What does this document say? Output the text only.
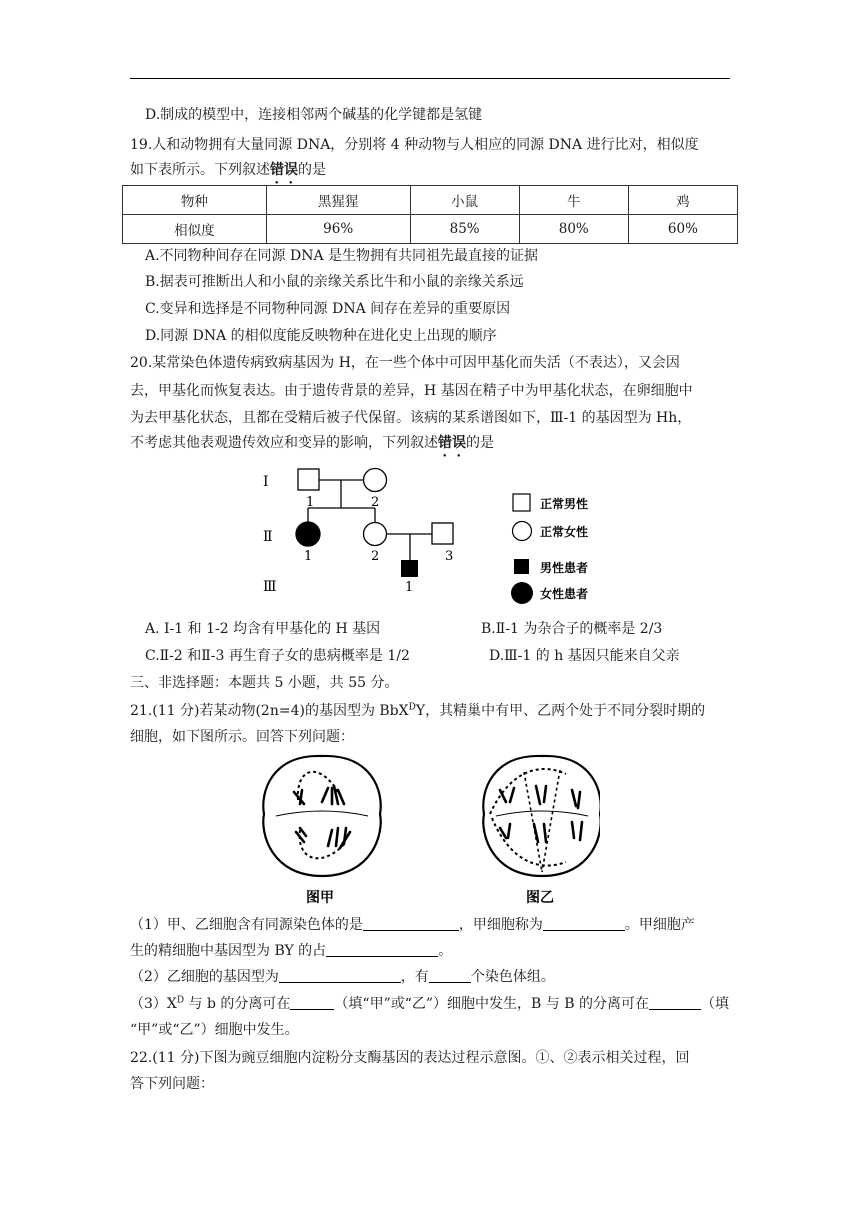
D.制成的模型中，连接相邻两个碱基的化学键都是氢键
19.人和动物拥有大量同源 DNA，分别将 4 种动物与人相应的同源 DNA 进行比对，相似度
如下表所示。下列叙述错误的是
物种	黑猩猩	小鼠	牛	鸡
相似度	96%	85%	80%	60%
A.不同物种间存在同源 DNA 是生物拥有共同祖先最直接的证据
B.据表可推断出人和小鼠的亲缘关系比牛和小鼠的亲缘关系远
C.变异和选择是不同物种同源 DNA 间存在差异的重要原因
D.同源 DNA 的相似度能反映物种在进化史上出现的顺序
20.某常染色体遗传病致病基因为 H，在一些个体中可因甲基化而失活（不表达），又会因
去，甲基化而恢复表达。由于遗传背景的差异，H 基因在精子中为甲基化状态，在卵细胞中
为去甲基化状态，且都在受精后被子代保留。该病的某系谱图如下，Ⅲ-1 的基因型为 Hh，
不考虑其他表观遗传效应和变异的影响，下列叙述错误的是
Ⅰ
Ⅱ
Ⅲ
1	2
1	2	3
1
正常男性
正常女性
男性患者
女性患者
A. Ⅰ-1 和 1-2 均含有甲基化的 H 基因	B.Ⅱ-1 为杂合子的概率是 2/3
C.Ⅱ-2 和Ⅱ-3 再生育子女的患病概率是 1/2	D.Ⅲ-1 的 h 基因只能来自父亲
三、非选择题：本题共 5 小题，共 55 分。
21.(11 分)若某动物(2n=4)的基因型为 BbX$^D$Y，其精巢中有甲、乙两个处于不同分裂时期的
细胞，如下图所示。回答下列问题：
图甲	图乙
（1）甲、乙细胞含有同源染色体的是	，甲细胞称为	。甲细胞产
生的精细胞中基因型为 BY 的占	。
（2）乙细胞的基因型为	，有	个染色体组。
$(3)X^D$ 与 b 的分离可在	（填“甲”或“乙”）细胞中发生，B 与 B 的分离可在	（填
“甲”或“乙”）细胞中发生。
22.(11 分)下图为豌豆细胞内淀粉分支酶基因的表达过程示意图。①、②表示相关过程，回
答下列问题：
